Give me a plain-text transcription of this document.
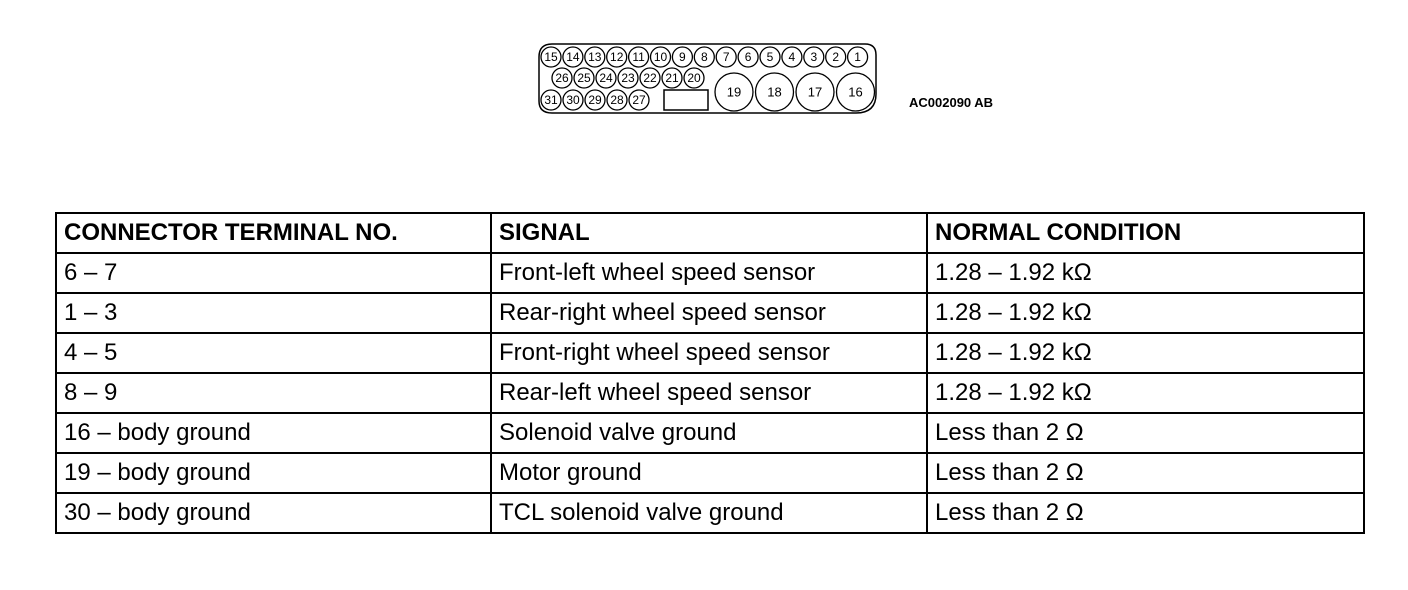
15 14 13 12 11 10 9 8 7 6 5 4 3 2 1
26 25 24 23 22 21 20
31 30 29 28 27
19 18 17 16
AC002090 AB
CONNECTOR TERMINAL NO.	SIGNAL	NORMAL CONDITION
6 – 7	Front-left wheel speed sensor	1.28 – 1.92 kΩ
1 – 3	Rear-right wheel speed sensor	1.28 – 1.92 kΩ
4 – 5	Front-right wheel speed sensor	1.28 – 1.92 kΩ
8 – 9	Rear-left wheel speed sensor	1.28 – 1.92 kΩ
16 – body ground	Solenoid valve ground	Less than 2 Ω
19 – body ground	Motor ground	Less than 2 Ω
30 – body ground	TCL solenoid valve ground	Less than 2 Ω
